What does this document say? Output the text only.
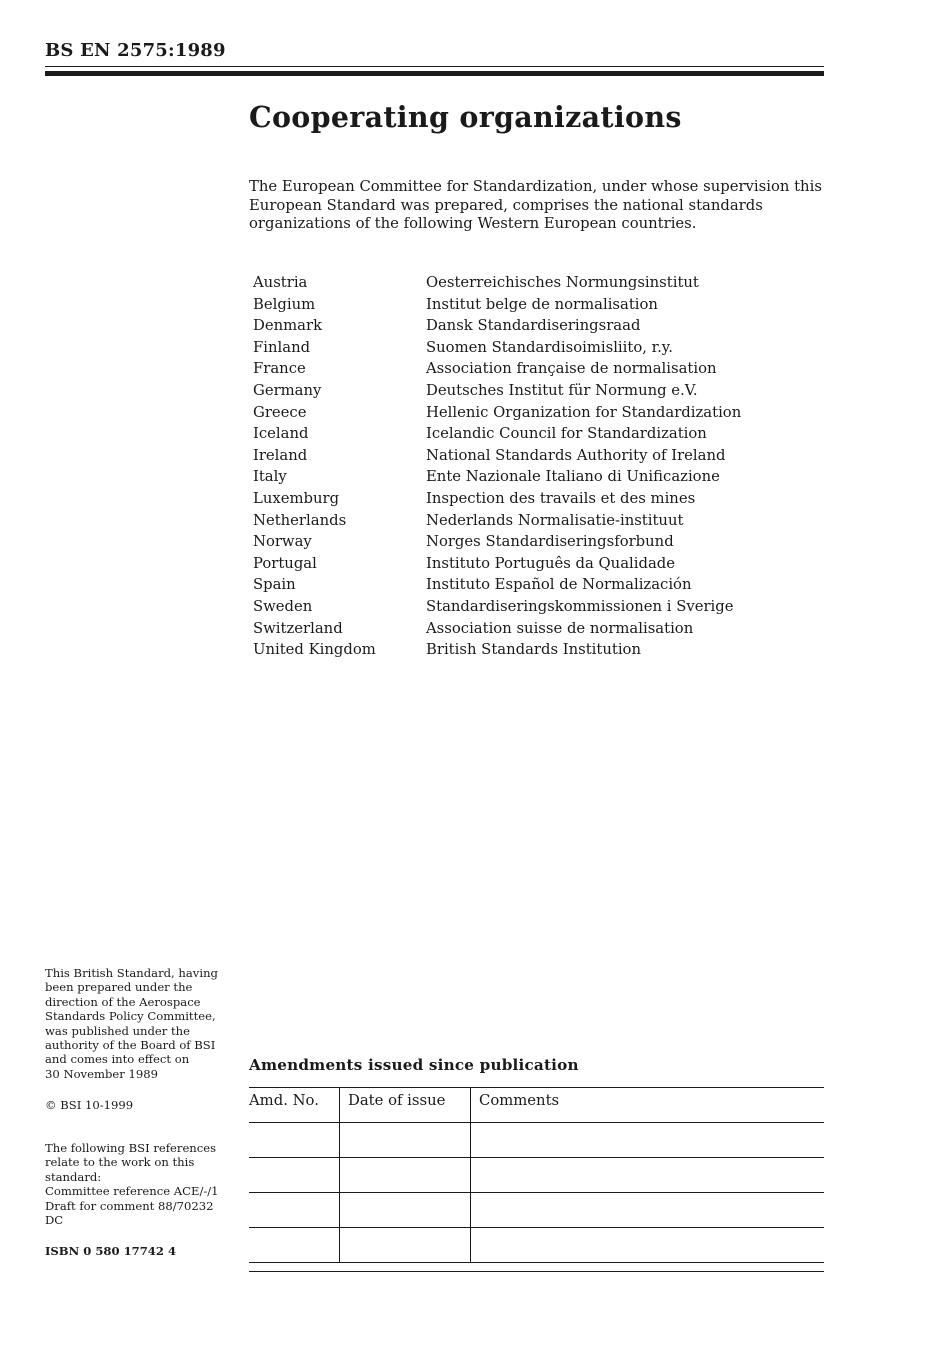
BS EN 2575:1989
Cooperating organizations

The European Committee for Standardization, under whose supervision this European Standard was prepared, comprises the national standards organizations of the following Western European countries.

Austria	Oesterreichisches Normungsinstitut
Belgium	Institut belge de normalisation
Denmark	Dansk Standardiseringsraad
Finland	Suomen Standardisoimisliito, r.y.
France	Association française de normalisation
Germany	Deutsches Institut für Normung e.V.
Greece	Hellenic Organization for Standardization
Iceland	Icelandic Council for Standardization
Ireland	National Standards Authority of Ireland
Italy	Ente Nazionale Italiano di Unificazione
Luxemburg	Inspection des travails et des mines
Netherlands	Nederlands Normalisatie-instituut
Norway	Norges Standardiseringsforbund
Portugal	Instituto Português da Qualidade
Spain	Instituto Español de Normalización
Sweden	Standardiseringskommissionen i Sverige
Switzerland	Association suisse de normalisation
United Kingdom	British Standards Institution
This British Standard, having
been prepared under the
direction of the Aerospace
Standards Policy Committee,
was published under the
authority of the Board of BSI
and comes into effect on
30 November 1989
© BSI 10-1999
The following BSI references
relate to the work on this
standard:
Committee reference ACE/-/1
Draft for comment 88/70232 DC
ISBN 0 580 17742 4
Amendments issued since publication
Amd. No.	Date of issue	Comments
